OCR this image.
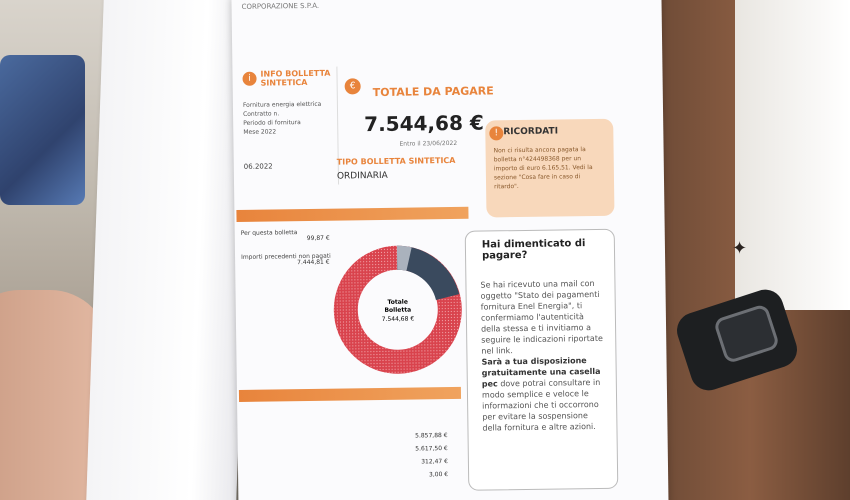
✦
CORPORAZIONE S.P.A.
i
INFO BOLLETTA SINTETICA
Fornitura energia elettrica
Contratto n.
Periodo di fornitura
Mese 2022
06.2022
€	TOTALE DA PAGARE
7.544,68 €
Entro il 23/06/2022
TIPO BOLLETTA SINTETICA
ORDINARIA
! RICORDATI
Non ci risulta ancora pagata la bolletta n°424498368 per un importo di euro 6.165,51. Vedi la sezione "Cosa fare in caso di ritardo".
Per questa bolletta
99,87 €
Importi precedenti non pagati
7.444,81 €
Totale
Bolletta
7.544,68 €
5.857,88 €
5.617,50 €
312,47 €
3,00 €
Hai dimenticato di pagare?
Se hai ricevuto una mail con oggetto "Stato dei pagamenti fornitura Enel Energia", ti confermiamo l'autenticità della stessa e ti invitiamo a seguire le indicazioni riportate nel link.
Sarà a tua disposizione gratuitamente una casella pec dove potrai consultare in modo semplice e veloce le informazioni che ti occorrono per evitare la sospensione della fornitura e altre azioni.
